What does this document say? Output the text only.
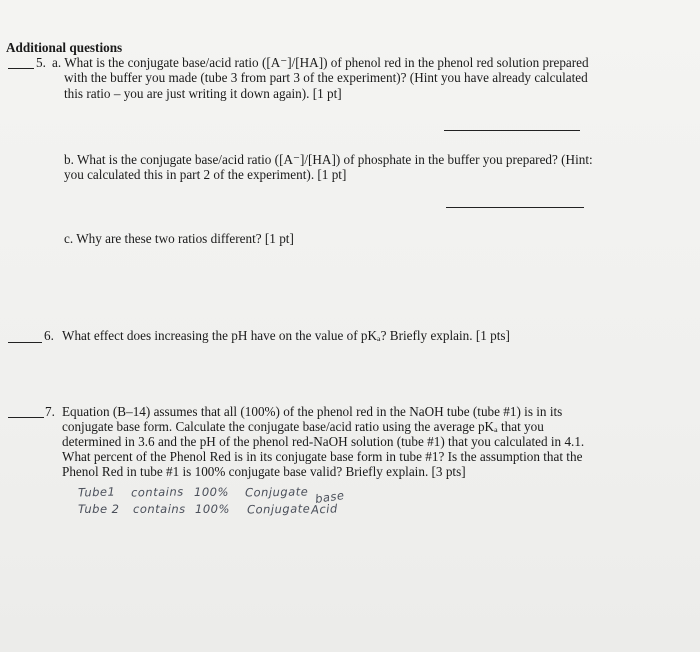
Additional questions
5. a. What is the conjugate base/acid ratio ([A⁻]/[HA]) of phenol red in the phenol red solution prepared
with the buffer you made (tube 3 from part 3 of the experiment)? (Hint you have already calculated
this ratio – you are just writing it down again). [1 pt]
b. What is the conjugate base/acid ratio ([A⁻]/[HA]) of phosphate in the buffer you prepared? (Hint:
you calculated this in part 2 of the experiment). [1 pt]
c. Why are these two ratios different? [1 pt]
6. What effect does increasing the pH have on the value of pKₐ? Briefly explain. [1 pts]
7. Equation (B–14) assumes that all (100%) of the phenol red in the NaOH tube (tube #1) is in its
conjugate base form. Calculate the conjugate base/acid ratio using the average pKₐ that you
determined in 3.6 and the pH of the phenol red-NaOH solution (tube #1) that you calculated in 4.1.
What percent of the Phenol Red is in its conjugate base form in tube #1? Is the assumption that the
Phenol Red in tube #1 is 100% conjugate base valid? Briefly explain. [3 pts]
Tube1 contains 100% Conjugate base
Tube 2 contains 100% Conjugate Acid
